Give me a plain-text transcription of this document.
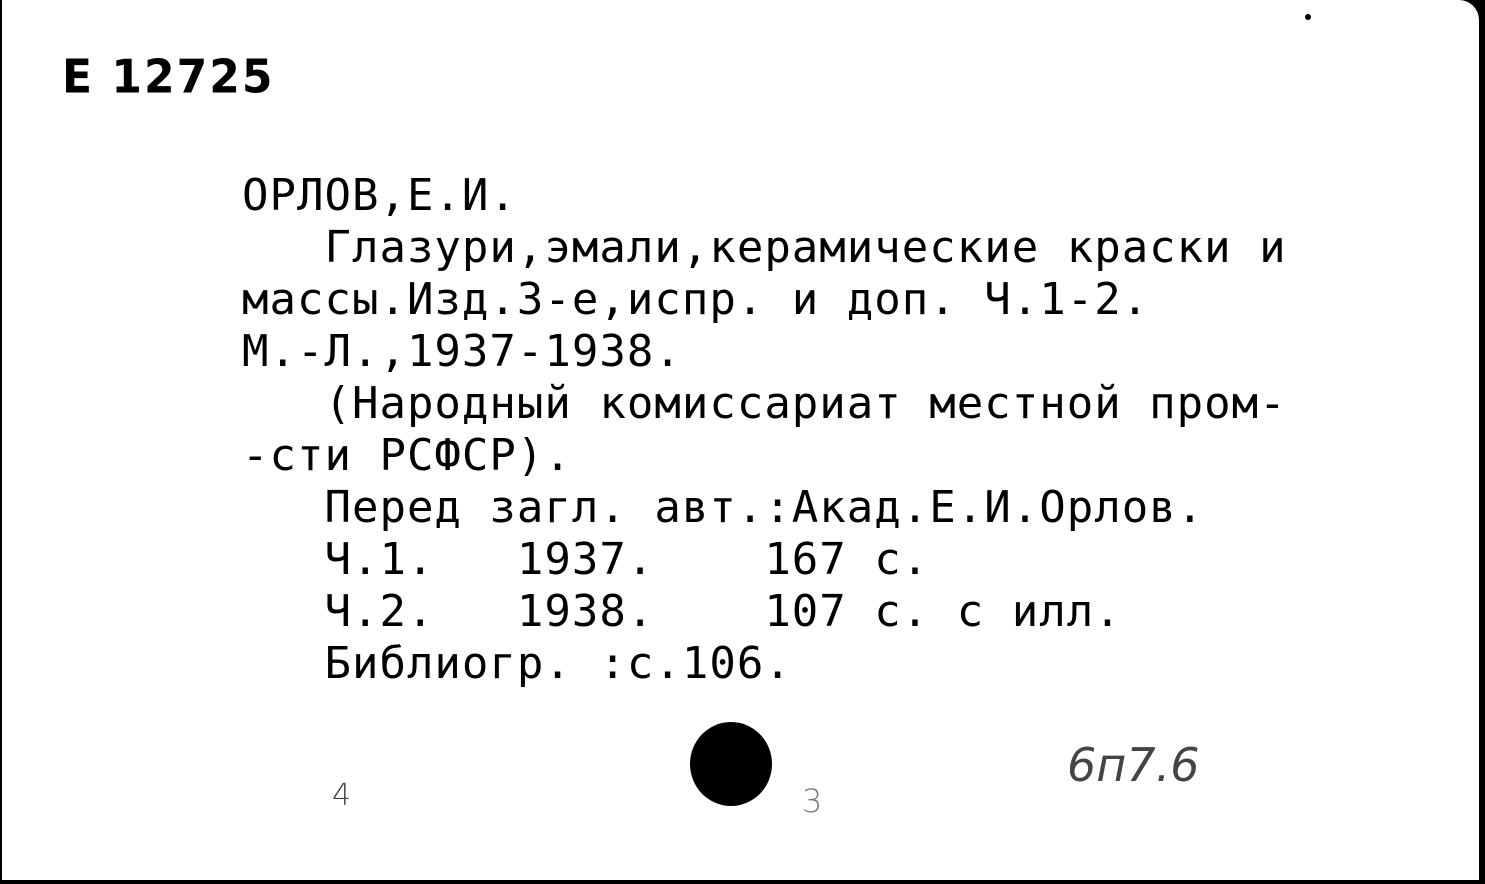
E 12725
ОРЛОВ,Е.И.
Глазури,эмали,керамические краски и
массы.Изд.3-е,испр. и доп. Ч.1-2.
М.-Л.,1937-1938.
(Народный комиссариат местной пром-
-сти РСФСР).
Перед загл. авт.:Акад.Е.И.Орлов.
Ч.1.   1937.    167 с.
Ч.2.   1938.    107 с. с илл.
Библиогр. :с.106.
4	3
6п7.6
